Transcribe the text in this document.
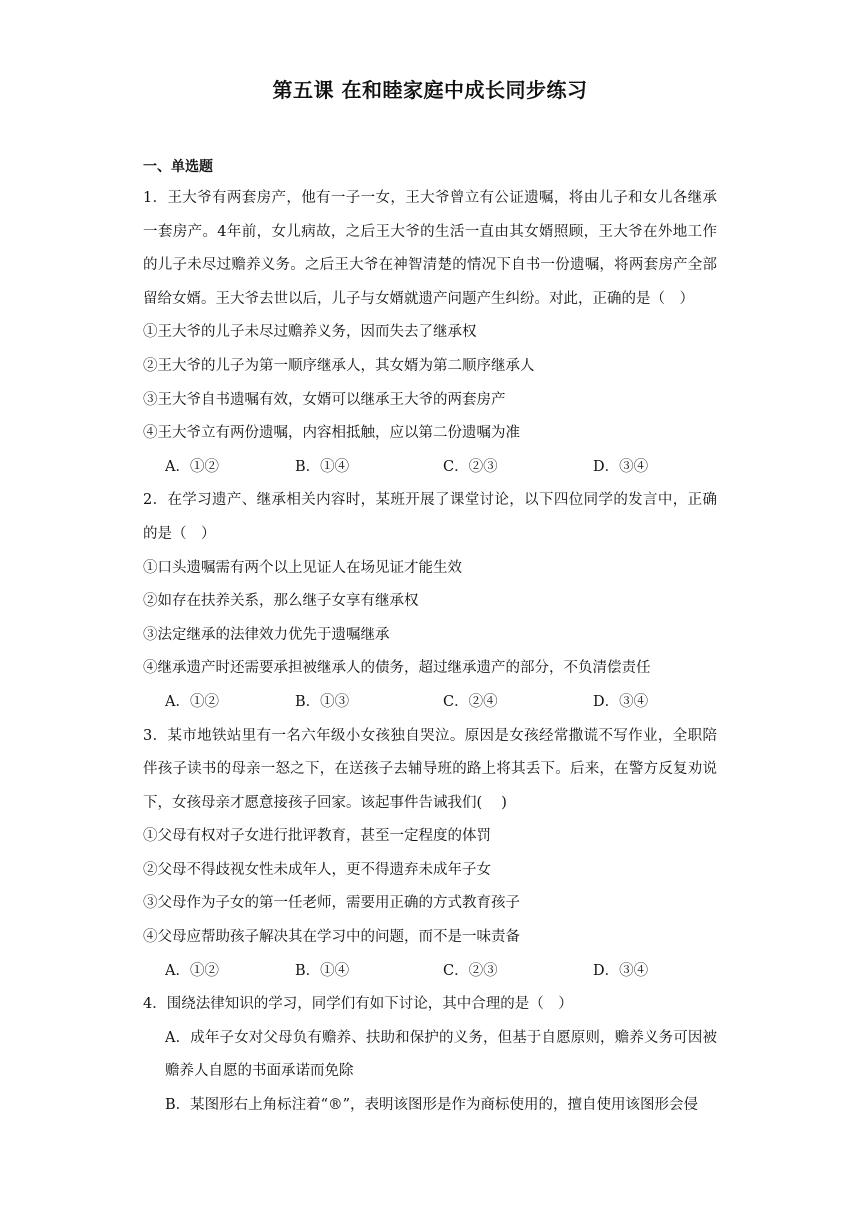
第五课 在和睦家庭中成长同步练习
一、单选题

1．王大爷有两套房产，他有一子一女，王大爷曾立有公证遗嘱，将由儿子和女儿各继承一套房产。4年前，女儿病故，之后王大爷的生活一直由其女婿照顾，王大爷在外地工作的儿子未尽过赡养义务。之后王大爷在神智清楚的情况下自书一份遗嘱，将两套房产全部留给女婿。王大爷去世以后，儿子与女婿就遗产问题产生纠纷。对此，正确的是（　）

①王大爷的儿子未尽过赡养义务，因而失去了继承权

②王大爷的儿子为第一顺序继承人，其女婿为第二顺序继承人

③王大爷自书遗嘱有效，女婿可以继承王大爷的两套房产

④王大爷立有两份遗嘱，内容相抵触，应以第二份遗嘱为准

A．①②	B．①④	C．②③	D．③④

2．在学习遗产、继承相关内容时，某班开展了课堂讨论，以下四位同学的发言中，正确的是（　）

①口头遗嘱需有两个以上见证人在场见证才能生效

②如存在扶养关系，那么继子女享有继承权

③法定继承的法律效力优先于遗嘱继承

④继承遗产时还需要承担被继承人的债务，超过继承遗产的部分，不负清偿责任

A．①②	B．①③	C．②④	D．③④

3．某市地铁站里有一名六年级小女孩独自哭泣。原因是女孩经常撒谎不写作业，全职陪伴孩子读书的母亲一怒之下，在送孩子去辅导班的路上将其丢下。后来，在警方反复劝说下，女孩母亲才愿意接孩子回家。该起事件告诫我们(　 )

①父母有权对子女进行批评教育，甚至一定程度的体罚

②父母不得歧视女性未成年人，更不得遗弃未成年子女

③父母作为子女的第一任老师，需要用正确的方式教育孩子

④父母应帮助孩子解决其在学习中的问题，而不是一味责备

A．①②	B．①④	C．②③	D．③④

4．围绕法律知识的学习，同学们有如下讨论，其中合理的是（　）

A．成年子女对父母负有赡养、扶助和保护的义务，但基于自愿原则，赡养义务可因被赡养人自愿的书面承诺而免除

B．某图形右上角标注着“®”，表明该图形是作为商标使用的，擅自使用该图形会侵
